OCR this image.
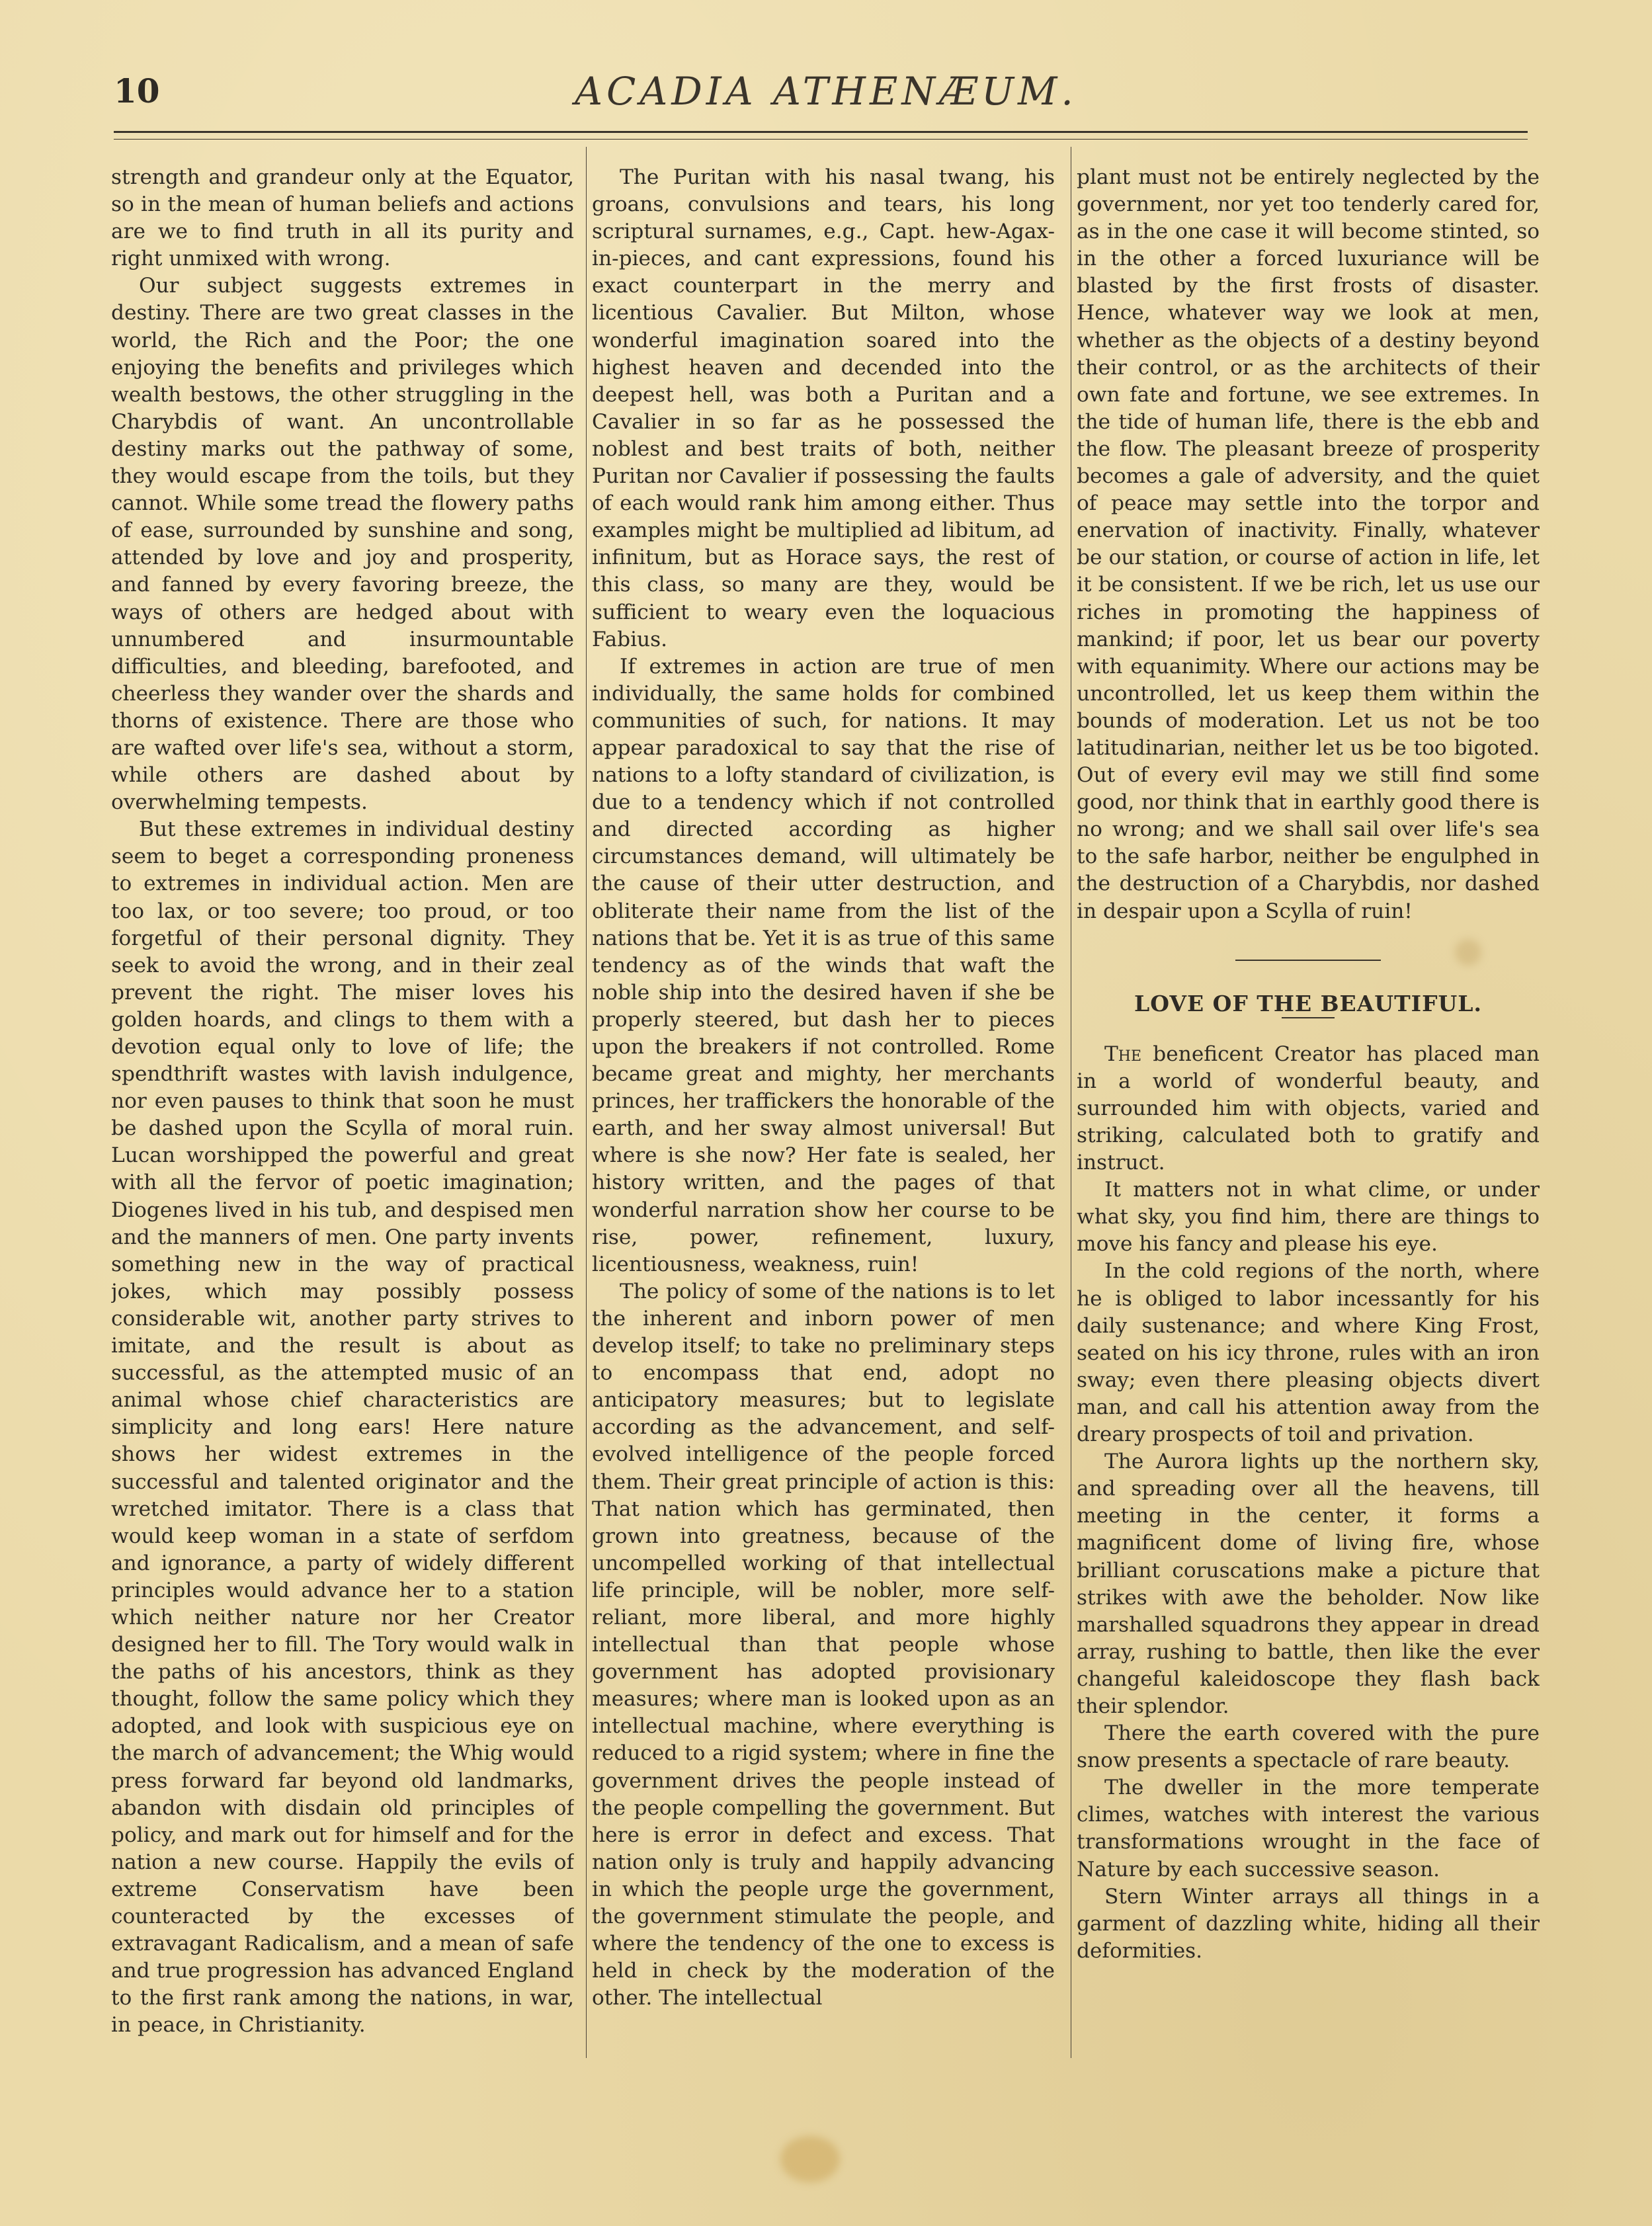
10	ACADIA ATHENÆUM.

strength and grandeur only at the Equator, so in the mean of human beliefs and actions are we to find truth in all its purity and right unmixed with wrong.

Our subject suggests extremes in destiny. There are two great classes in the world, the Rich and the Poor; the one enjoying the benefits and privileges which wealth bestows, the other struggling in the Charybdis of want. An uncontrollable destiny marks out the pathway of some, they would escape from the toils, but they cannot. While some tread the flowery paths of ease, surrounded by sunshine and song, attended by love and joy and prosperity, and fanned by every favoring breeze, the ways of others are hedged about with unnumbered and insurmountable difficulties, and bleeding, barefooted, and cheerless they wander over the shards and thorns of existence. There are those who are wafted over life's sea, without a storm, while others are dashed about by overwhelming tempests.

But these extremes in individual destiny seem to beget a corresponding proneness to extremes in individual action. Men are too lax, or too severe; too proud, or too forgetful of their personal dignity. They seek to avoid the wrong, and in their zeal prevent the right. The miser loves his golden hoards, and clings to them with a devotion equal only to love of life; the spendthrift wastes with lavish indulgence, nor even pauses to think that soon he must be dashed upon the Scylla of moral ruin. Lucan worshipped the powerful and great with all the fervor of poetic imagination; Diogenes lived in his tub, and despised men and the manners of men. One party invents something new in the way of practical jokes, which may possibly possess considerable wit, another party strives to imitate, and the result is about as successful, as the attempted music of an animal whose chief characteristics are simplicity and long ears! Here nature shows her widest extremes in the successful and talented originator and the wretched imitator. There is a class that would keep woman in a state of serfdom and ignorance, a party of widely different principles would advance her to a station which neither nature nor her Creator designed her to fill. The Tory would walk in the paths of his ancestors, think as they thought, follow the same policy which they adopted, and look with suspicious eye on the march of advancement; the Whig would press forward far beyond old landmarks, abandon with disdain old principles of policy, and mark out for himself and for the nation a new course. Happily the evils of extreme Conservatism have been counteracted by the excesses of extravagant Radicalism, and a mean of safe and true progression has advanced England to the first rank among the nations, in war, in peace, in Christianity.

The Puritan with his nasal twang, his groans, convulsions and tears, his long scriptural surnames, e.g., Capt. hew-Agax-in-pieces, and cant expressions, found his exact counterpart in the merry and licentious Cavalier. But Milton, whose wonderful imagination soared into the highest heaven and decended into the deepest hell, was both a Puritan and a Cavalier in so far as he possessed the noblest and best traits of both, neither Puritan nor Cavalier if possessing the faults of each would rank him among either. Thus examples might be multiplied ad libitum, ad infinitum, but as Horace says, the rest of this class, so many are they, would be sufficient to weary even the loquacious Fabius.

If extremes in action are true of men individually, the same holds for combined communities of such, for nations. It may appear paradoxical to say that the rise of nations to a lofty standard of civilization, is due to a tendency which if not controlled and directed according as higher circumstances demand, will ultimately be the cause of their utter destruction, and obliterate their name from the list of the nations that be. Yet it is as true of this same tendency as of the winds that waft the noble ship into the desired haven if she be properly steered, but dash her to pieces upon the breakers if not controlled. Rome became great and mighty, her merchants princes, her traffickers the honorable of the earth, and her sway almost universal! But where is she now? Her fate is sealed, her history written, and the pages of that wonderful narration show her course to be rise, power, refinement, luxury, licentiousness, weakness, ruin!

The policy of some of the nations is to let the inherent and inborn power of men develop itself; to take no preliminary steps to encompass that end, adopt no anticipatory measures; but to legislate according as the advancement, and self-evolved intelligence of the people forced them. Their great principle of action is this: That nation which has germinated, then grown into greatness, because of the uncompelled working of that intellectual life principle, will be nobler, more self-reliant, more liberal, and more highly intellectual than that people whose government has adopted provisionary measures; where man is looked upon as an intellectual machine, where everything is reduced to a rigid system; where in fine the government drives the people instead of the people compelling the government. But here is error in defect and excess. That nation only is truly and happily advancing in which the people urge the government, the government stimulate the people, and where the tendency of the one to excess is held in check by the moderation of the other. The intellectual

plant must not be entirely neglected by the government, nor yet too tenderly cared for, as in the one case it will become stinted, so in the other a forced luxuriance will be blasted by the first frosts of disaster. Hence, whatever way we look at men, whether as the objects of a destiny beyond their control, or as the architects of their own fate and fortune, we see extremes. In the tide of human life, there is the ebb and the flow. The pleasant breeze of prosperity becomes a gale of adversity, and the quiet of peace may settle into the torpor and enervation of inactivity. Finally, whatever be our station, or course of action in life, let it be consistent. If we be rich, let us use our riches in promoting the happiness of mankind; if poor, let us bear our poverty with equanimity. Where our actions may be uncontrolled, let us keep them within the bounds of moderation. Let us not be too latitudinarian, neither let us be too bigoted. Out of every evil may we still find some good, nor think that in earthly good there is no wrong; and we shall sail over life's sea to the safe harbor, neither be engulphed in the destruction of a Charybdis, nor dashed in despair upon a Scylla of ruin!

LOVE OF THE BEAUTIFUL.

The beneficent Creator has placed man in a world of wonderful beauty, and surrounded him with objects, varied and striking, calculated both to gratify and instruct.

It matters not in what clime, or under what sky, you find him, there are things to move his fancy and please his eye.

In the cold regions of the north, where he is obliged to labor incessantly for his daily sustenance; and where King Frost, seated on his icy throne, rules with an iron sway; even there pleasing objects divert man, and call his attention away from the dreary prospects of toil and privation.

The Aurora lights up the northern sky, and spreading over all the heavens, till meeting in the center, it forms a magnificent dome of living fire, whose brilliant coruscations make a picture that strikes with awe the beholder. Now like marshalled squadrons they appear in dread array, rushing to battle, then like the ever changeful kaleidoscope they flash back their splendor.

There the earth covered with the pure snow presents a spectacle of rare beauty.

The dweller in the more temperate climes, watches with interest the various transformations wrought in the face of Nature by each successive season.

Stern Winter arrays all things in a garment of dazzling white, hiding all their deformities.
